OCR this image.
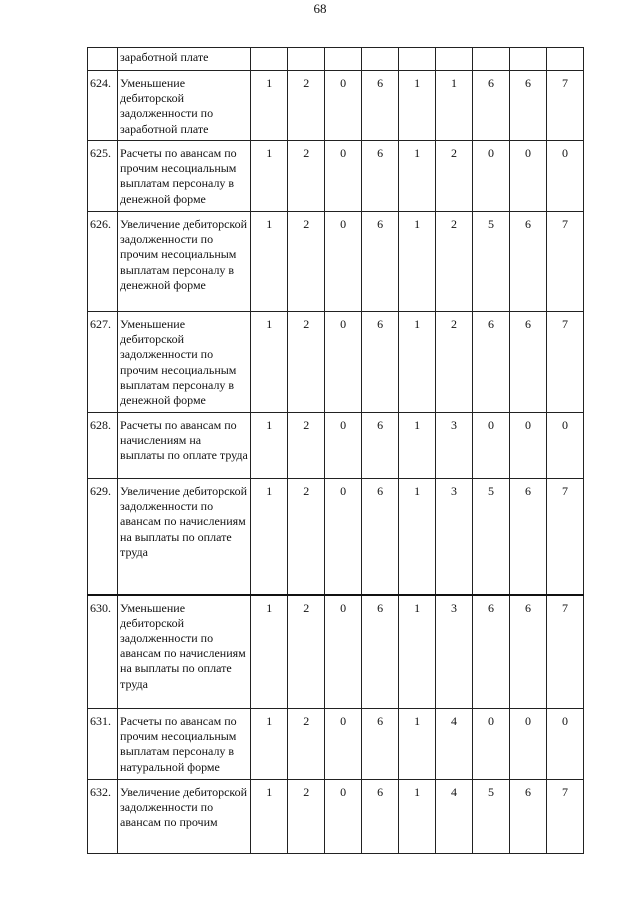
68
	заработной плате									
624.	Уменьшение дебиторской задолженности по заработной плате	1	2	0	6	1	1	6	6	7
625.	Расчеты по авансам по прочим несоциальным выплатам персоналу в денежной форме	1	2	0	6	1	2	0	0	0
626.	Увеличение дебиторской задолженности по прочим несоциальным выплатам персоналу в денежной форме	1	2	0	6	1	2	5	6	7
627.	Уменьшение дебиторской задолженности по прочим несоциальным выплатам персоналу в денежной форме	1	2	0	6	1	2	6	6	7
628.	Расчеты по авансам по начислениям на выплаты по оплате труда	1	2	0	6	1	3	0	0	0
629.	Увеличение дебиторской задолженности по авансам по начислениям на выплаты по оплате труда	1	2	0	6	1	3	5	6	7
630.	Уменьшение дебиторской задолженности по авансам по начислениям на выплаты по оплате труда	1	2	0	6	1	3	6	6	7
631.	Расчеты по авансам по прочим несоциальным выплатам персоналу в натуральной форме	1	2	0	6	1	4	0	0	0
632.	Увеличение дебиторской задолженности по авансам по прочим	1	2	0	6	1	4	5	6	7
